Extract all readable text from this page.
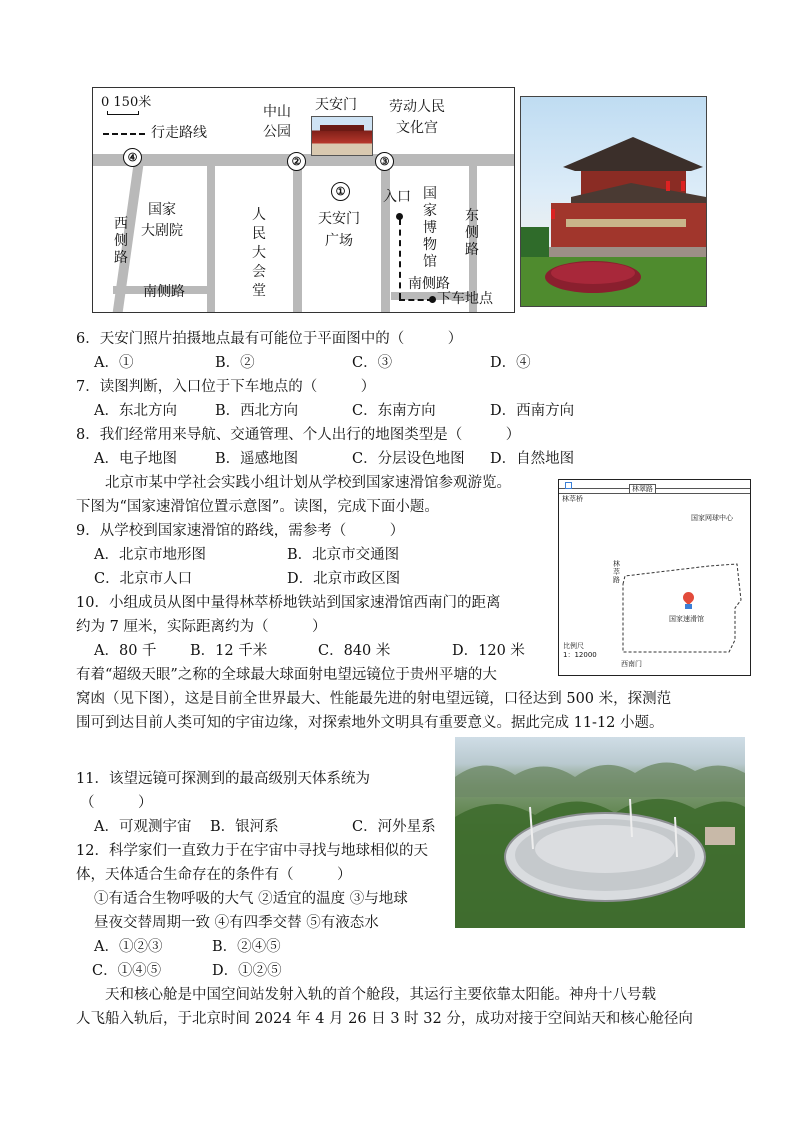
0 150米
行走路线
中山
公园
天安门 劳动人民
文化宫
④	②	③
①
西侧路
国家
大剧院
南侧路
人民大会堂
天安门
广场
入口 国家博物馆
东侧路
南侧路
下车地点
6．天安门照片拍摄地点最有可能位于平面图中的（　　　）
A．①	B．②	C．③	D．④
7．读图判断，入口位于下车地点的（　　　）
A．东北方向	B．西北方向	C．东南方向	D．西南方向
8．我们经常用来导航、交通管理、个人出行的地图类型是（　　　）
A．电子地图	B．遥感地图	C．分层设色地图 D．自然地图
　　北京市某中学社会实践小组计划从学校到国家速滑馆参观游览。
下图为“国家速滑馆位置示意图”。读图，完成下面小题。
9．从学校到国家速滑馆的路线，需参考（　　　）
A．北京市地形图	B．北京市交通图
C．北京市人口	D．北京市政区图
10．小组成员从图中量得林萃桥地铁站到国家速滑馆西南门的距离
约为 7 厘米，实际距离约为（　　　）
A．80 千 B．12 千米	C．840 米	D．120 米
林翠路
林萃桥
国家网球中心
林萃路
国家速滑馆
比例尺
1：12000
西南门
有着“超级天眼”之称的全球最大球面射电望远镜位于贵州平塘的大
窝凼（见下图），这是目前全世界最大、性能最先进的射电望远镜，口径达到 500 米，探测范
围可到达目前人类可知的宇宙边缘，对探索地外文明具有重要意义。据此完成 11-12 小题。
11．该望远镜可探测到的最高级别天体系统为
（　　　）
A．可观测宇宙 B．银河系	C．河外星系
12．科学家们一直致力于在宇宙中寻找与地球相似的天
体，天体适合生命存在的条件有（　　　）
①有适合生物呼吸的大气 ②适宜的温度 ③与地球
昼夜交替周期一致 ④有四季交替 ⑤有液态水
A．①②③	B．②④⑤
C．①④⑤	D．①②⑤
　　天和核心舱是中国空间站发射入轨的首个舱段，其运行主要依靠太阳能。神舟十八号载
人飞船入轨后，于北京时间 2024 年 4 月 26 日 3 时 32 分，成功对接于空间站天和核心舱径向
